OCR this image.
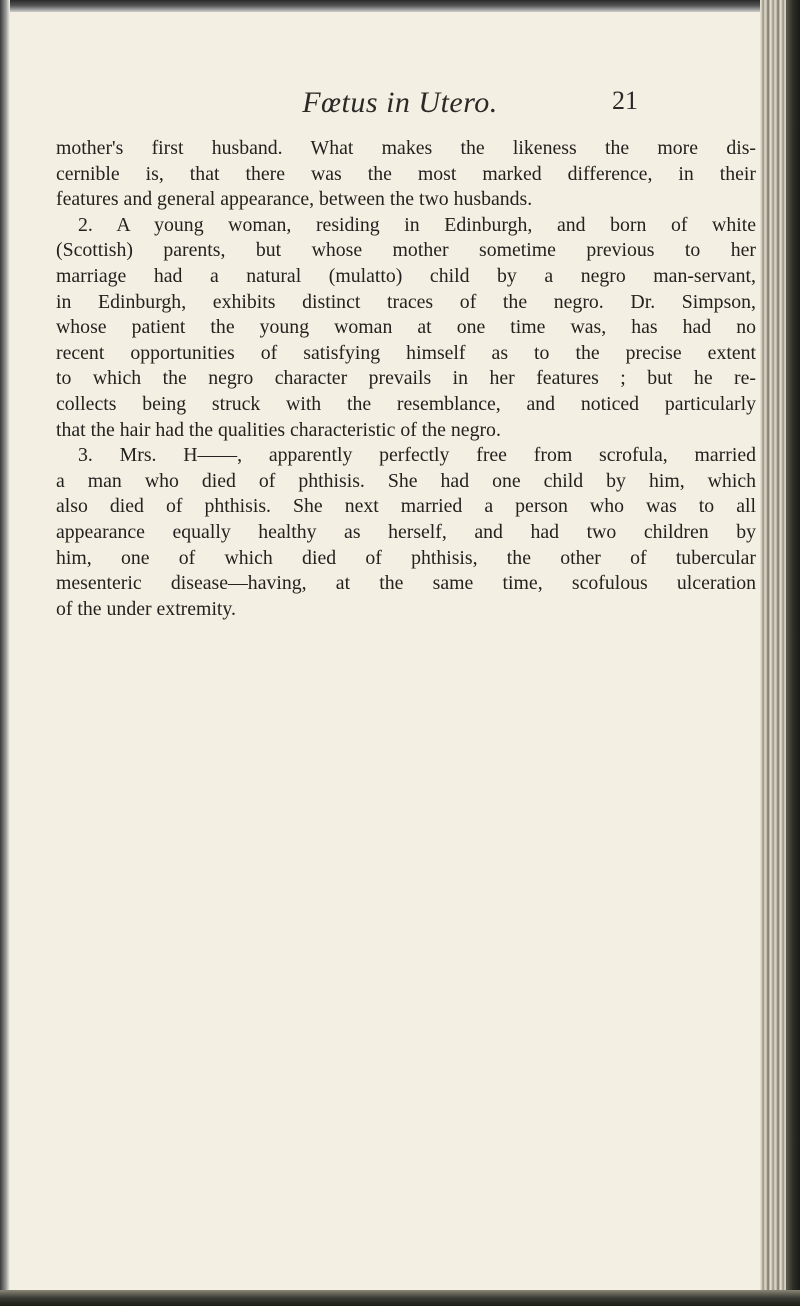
Fœtus in Utero.	21
mother's first husband. What makes the likeness the more dis-
cernible is, that there was the most marked difference, in their
features and general appearance, between the two husbands.
2. A young woman, residing in Edinburgh, and born of white
(Scottish) parents, but whose mother sometime previous to her
marriage had a natural (mulatto) child by a negro man-servant,
in Edinburgh, exhibits distinct traces of the negro. Dr. Simpson,
whose patient the young woman at one time was, has had no
recent opportunities of satisfying himself as to the precise extent
to which the negro character prevails in her features ; but he re-
collects being struck with the resemblance, and noticed particularly
that the hair had the qualities characteristic of the negro.
3. Mrs. H——, apparently perfectly free from scrofula, married
a man who died of phthisis. She had one child by him, which
also died of phthisis. She next married a person who was to all
appearance equally healthy as herself, and had two children by
him, one of which died of phthisis, the other of tubercular
mesenteric disease—having, at the same time, scofulous ulceration
of the under extremity.
